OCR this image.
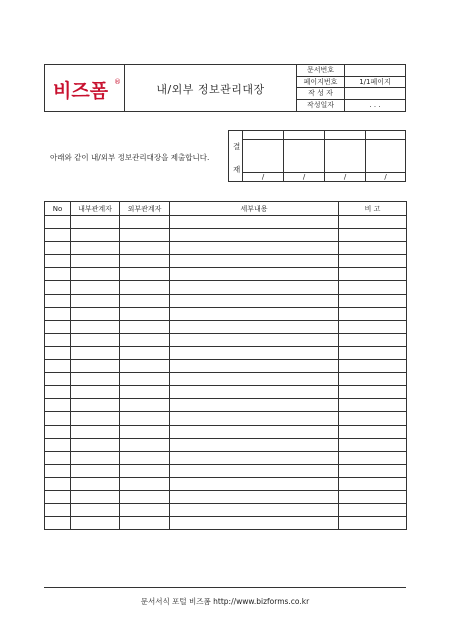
비즈폼 ®
내/외부 정보관리대장
문서번호
페이지번호	1/1페이지
작 성 자
작성일자	. . .
아래와 같이 내/외부 정보관리대장을 제출합니다.
결
재
/	/	/	/
No	내부관계자	외부관계자	세부내용	비 고

문서서식 포털 비즈폼 http://www.bizforms.co.kr
